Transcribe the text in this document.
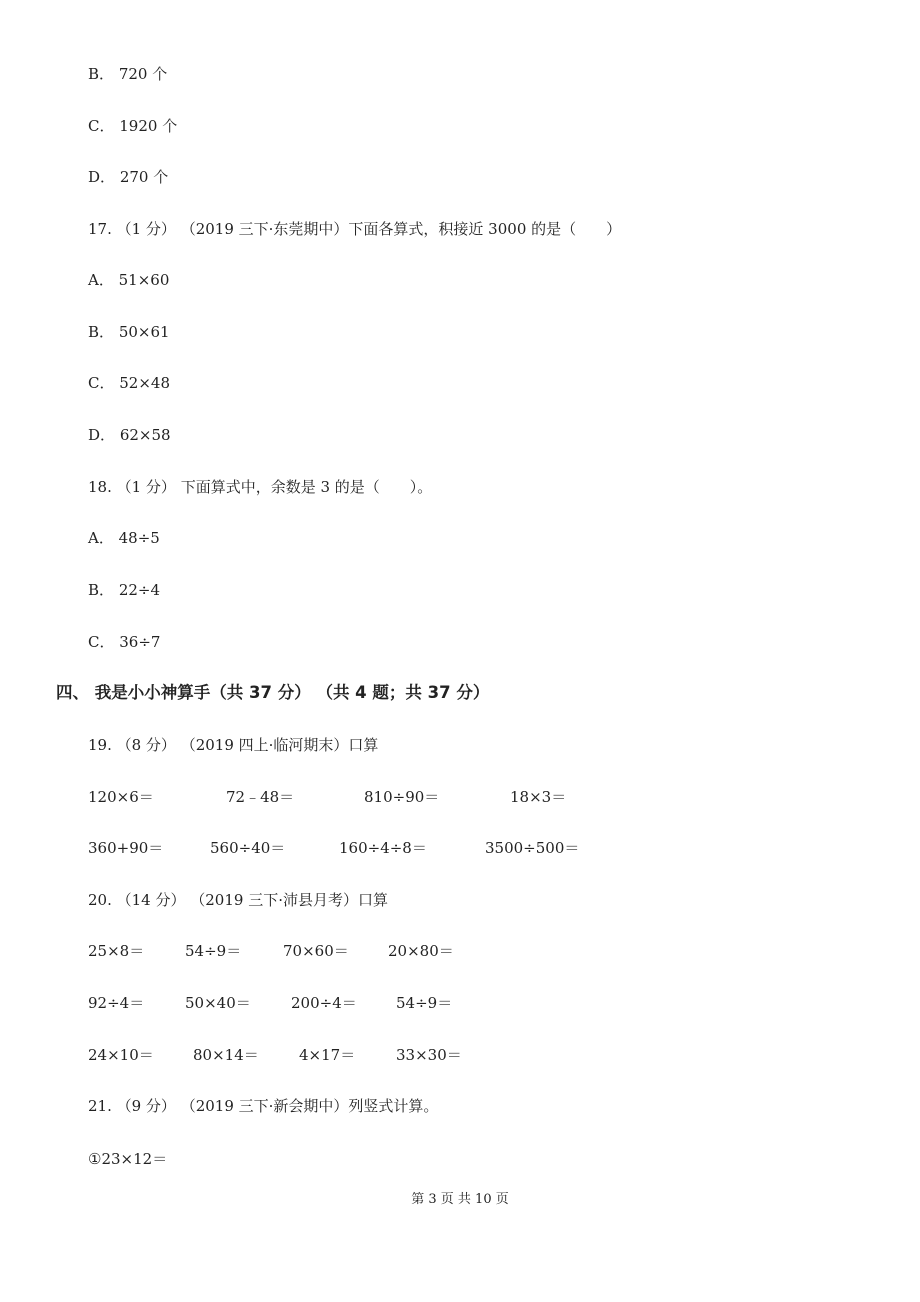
B． 720 个
C． 1920 个
D． 270 个
17. （1 分） （2019 三下·东莞期中）下面各算式，积接近 3000 的是（　　）
A． 51×60
B． 50×61
C． 52×48
D． 62×58
18. （1 分） 下面算式中，余数是 3 的是（　　）。
A． 48÷5
B． 22÷4
C． 36÷7
四、 我是小小神算手（共 37 分） （共 4 题；共 37 分）
19. （8 分） （2019 四上·临河期末）口算
120×6＝	72﹣48＝	810÷90＝	18×3＝
360+90＝	560÷40＝	160÷4÷8＝	3500÷500＝
20. （14 分） （2019 三下·沛县月考）口算
25×8＝	54÷9＝	70×60＝	20×80＝
92÷4＝	50×40＝	200÷4＝	54÷9＝
24×10＝	80×14＝	4×17＝	33×30＝
21. （9 分） （2019 三下·新会期中）列竖式计算。
①23×12＝
第 3 页 共 10 页
